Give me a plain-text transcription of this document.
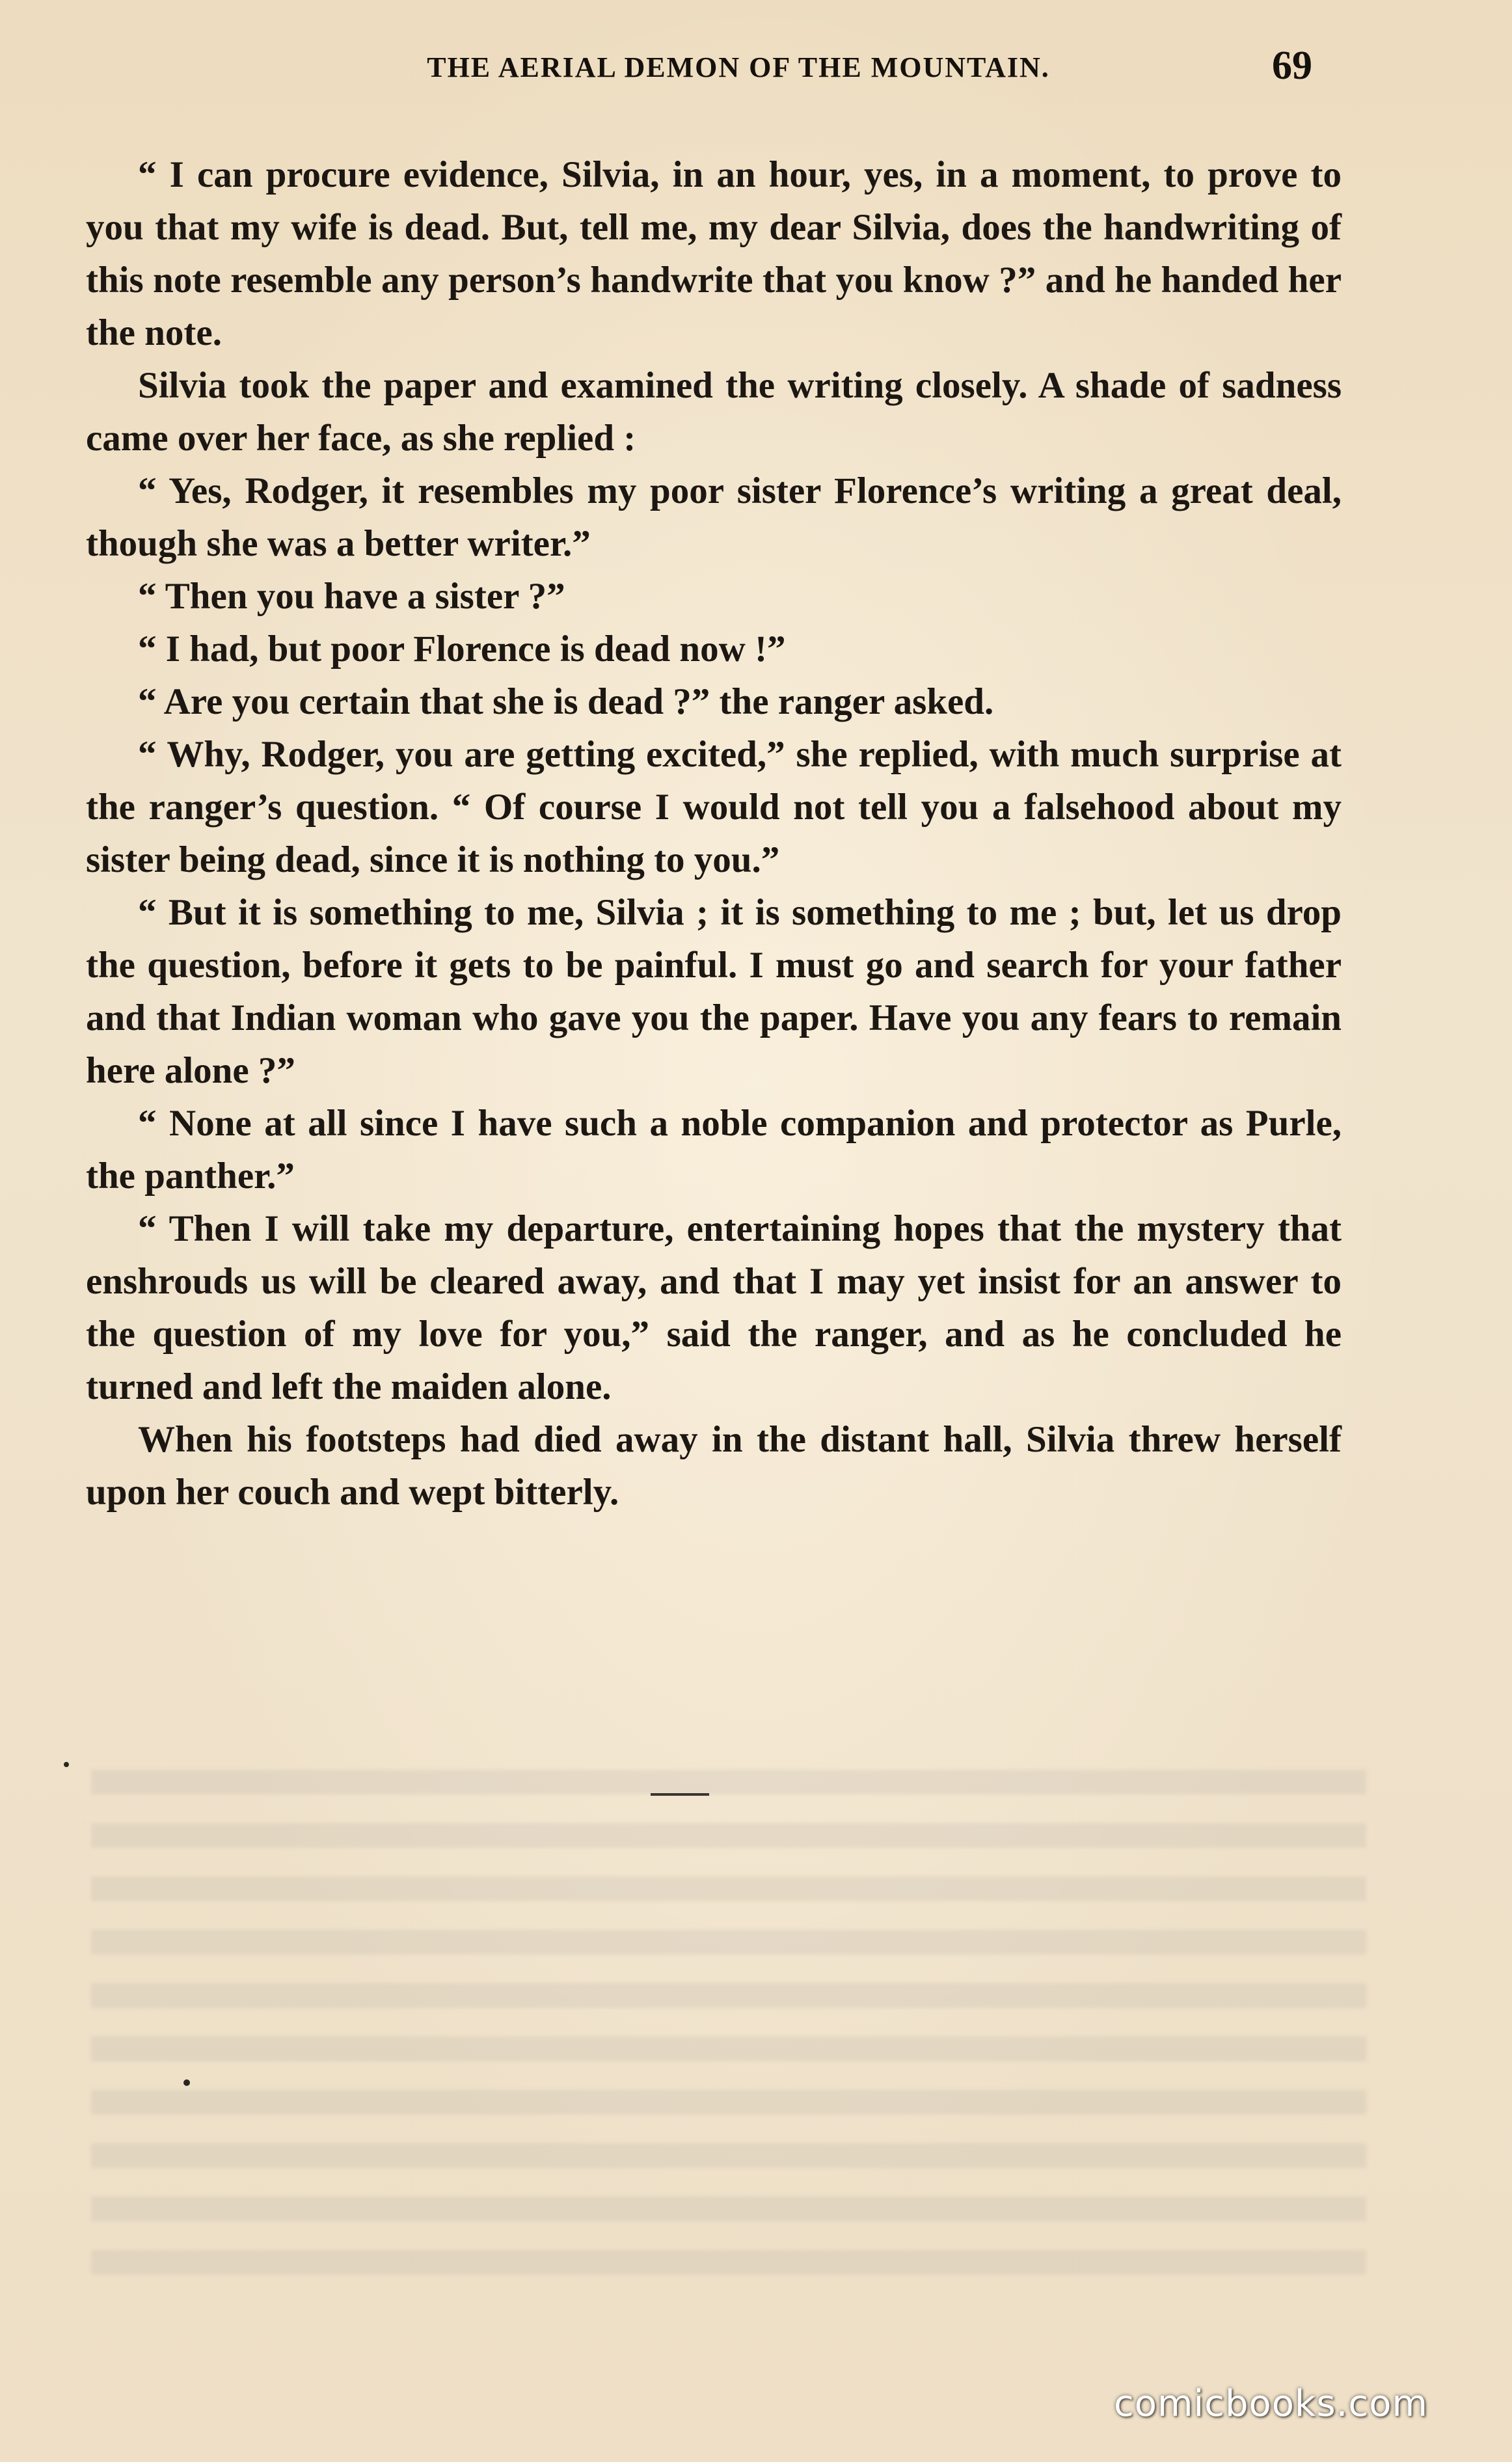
THE AERIAL DEMON OF THE MOUNTAIN.	69

“ I can procure evidence, Silvia, in an hour, yes, in a moment, to prove to you that my wife is dead. But, tell me, my dear Silvia, does the handwriting of this note resemble any person’s handwrite that you know ?” and he handed her the note.

Silvia took the paper and examined the writing closely. A shade of sadness came over her face, as she replied :

“ Yes, Rodger, it resembles my poor sister Florence’s writing a great deal, though she was a better writer.”

“ Then you have a sister ?”

“ I had, but poor Florence is dead now !”

“ Are you certain that she is dead ?” the ranger asked.

“ Why, Rodger, you are getting excited,” she replied, with much surprise at the ranger’s question. “ Of course I would not tell you a falsehood about my sister being dead, since it is nothing to you.”

“ But it is something to me, Silvia ; it is something to me ; but, let us drop the question, before it gets to be painful. I must go and search for your father and that Indian woman who gave you the paper. Have you any fears to remain here alone ?”

“ None at all since I have such a noble companion and protector as Purle, the panther.”

“ Then I will take my departure, entertaining hopes that the mystery that enshrouds us will be cleared away, and that I may yet insist for an answer to the question of my love for you,” said the ranger, and as he concluded he turned and left the maiden alone.

When his footsteps had died away in the distant hall, Silvia threw herself upon her couch and wept bitterly.

comicbooks.com
